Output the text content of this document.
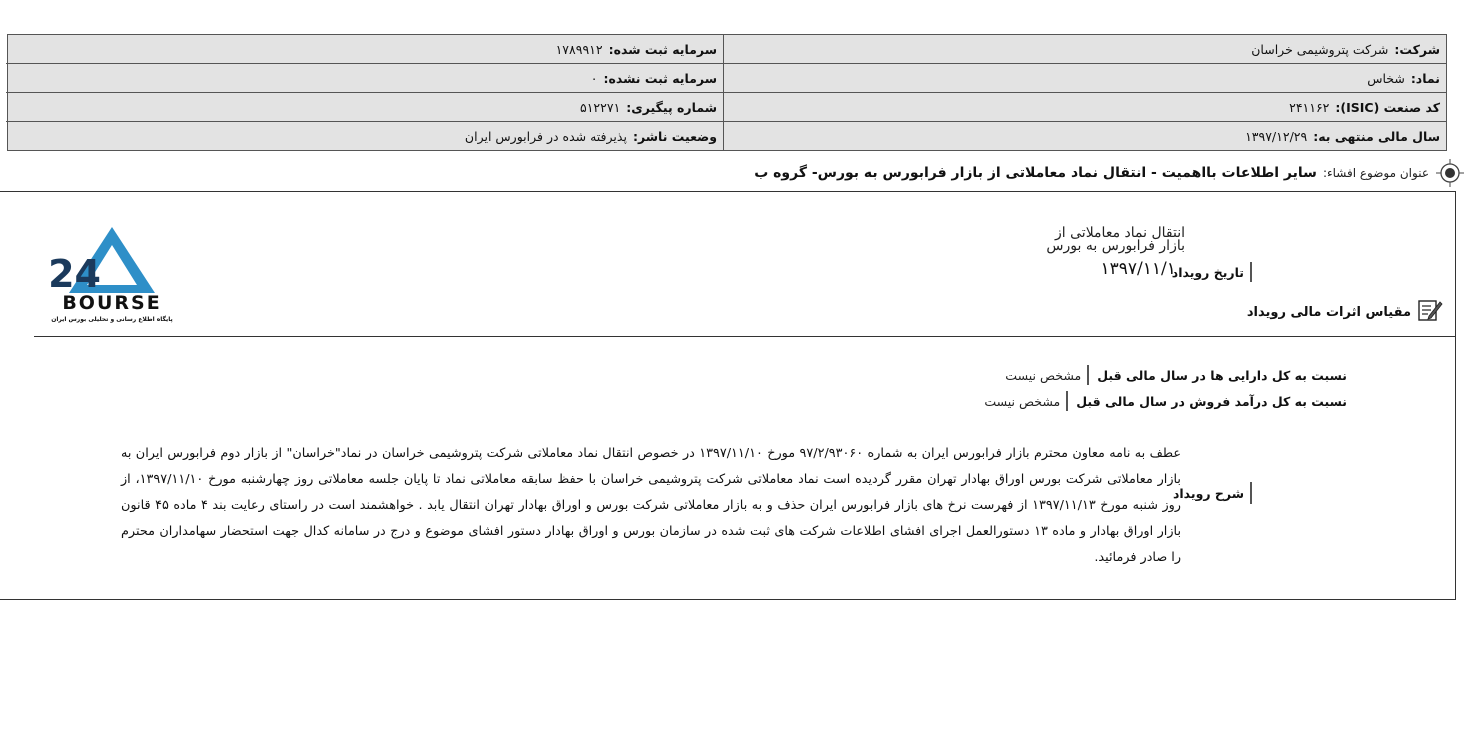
شرکت:
شرکت پتروشیمی خراسان
سرمایه ثبت شده:
۱۷۸۹۹۱۲
نماد:
شخاس
سرمایه ثبت نشده:
۰
کد صنعت (ISIC):
۲۴۱۱۶۲
شماره پیگیری:
۵۱۲۲۷۱
سال مالی منتهی به:
۱۳۹۷/۱۲/۲۹
وضعیت ناشر:
پذیرفته شده در فرابورس ایران
عنوان موضوع افشاء:
سایر اطلاعات بااهمیت - انتقال نماد معاملاتی از بازار فرابورس به بورس- گروه ب
24
BOURSE
پایگاه اطلاع رسانی و تحلیلی بورس ایران
انتقال نماد معاملاتی از
بازار فرابورس به بورس
۱۳۹۷/۱۱/۱۰
تاریخ رویداد
مقیاس اثرات مالی رویداد
نسبت به کل دارایی ها در سال مالی قبل
مشخص نیست
نسبت به کل درآمد فروش در سال مالی قبل
مشخص نیست
شرح رویداد
عطف به نامه معاون محترم بازار فرابورس ایران به شماره ۹۷/۲/۹۳۰۶۰ مورخ ۱۳۹۷/۱۱/۱۰ در خصوص انتقال نماد معاملاتی شرکت پتروشیمی خراسان در نماد"خراسان" از بازار دوم فرابورس ایران به بازار معاملاتی شرکت بورس اوراق بهادار تهران مقرر گردیده است نماد معاملاتی شرکت پتروشیمی خراسان با حفظ سابقه معاملاتی نماد تا پایان جلسه معاملاتی روز چهارشنبه مورخ ۱۳۹۷/۱۱/۱۰، از روز شنبه مورخ ۱۳۹۷/۱۱/۱۳ از فهرست نرخ های بازار فرابورس ایران حذف و به بازار معاملاتی شرکت بورس و اوراق بهادار تهران انتقال یابد . خواهشمند است در راستای رعایت بند ۴ ماده ۴۵ قانون بازار اوراق بهادار و ماده ۱۳ دستورالعمل اجرای افشای اطلاعات شرکت های ثبت شده در سازمان بورس و اوراق بهادار دستور افشای موضوع و درج در سامانه کدال جهت استحضار سهامداران محترم را صادر فرمائید.
